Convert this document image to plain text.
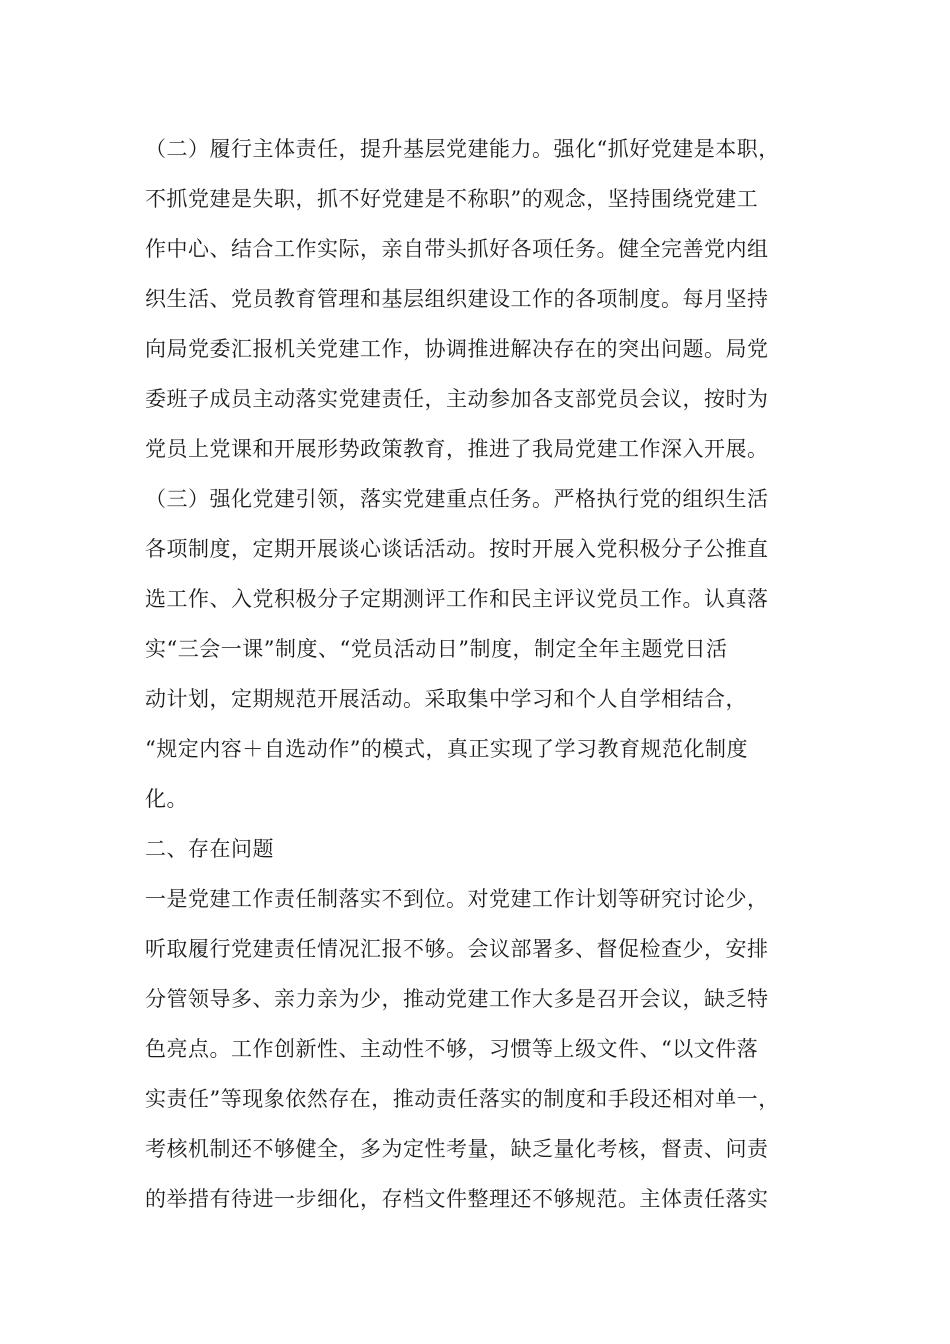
（二）履行主体责任，提升基层党建能力。强化“抓好党建是本职，
不抓党建是失职，抓不好党建是不称职”的观念，坚持围绕党建工
作中心、结合工作实际，亲自带头抓好各项任务。健全完善党内组
织生活、党员教育管理和基层组织建设工作的各项制度。每月坚持
向局党委汇报机关党建工作，协调推进解决存在的突出问题。局党
委班子成员主动落实党建责任，主动参加各支部党员会议，按时为
党员上党课和开展形势政策教育，推进了我局党建工作深入开展。
（三）强化党建引领，落实党建重点任务。严格执行党的组织生活
各项制度，定期开展谈心谈话活动。按时开展入党积极分子公推直
选工作、入党积极分子定期测评工作和民主评议党员工作。认真落
实“三会一课”制度、“党员活动日”制度，制定全年主题党日活
动计划，定期规范开展活动。采取集中学习和个人自学相结合，
“规定内容＋自选动作”的模式，真正实现了学习教育规范化制度
化。
二、存在问题
一是党建工作责任制落实不到位。对党建工作计划等研究讨论少，
听取履行党建责任情况汇报不够。会议部署多、督促检查少，安排
分管领导多、亲力亲为少，推动党建工作大多是召开会议，缺乏特
色亮点。工作创新性、主动性不够，习惯等上级文件、“以文件落
实责任”等现象依然存在，推动责任落实的制度和手段还相对单一，
考核机制还不够健全，多为定性考量，缺乏量化考核，督责、问责
的举措有待进一步细化，存档文件整理还不够规范。主体责任落实
